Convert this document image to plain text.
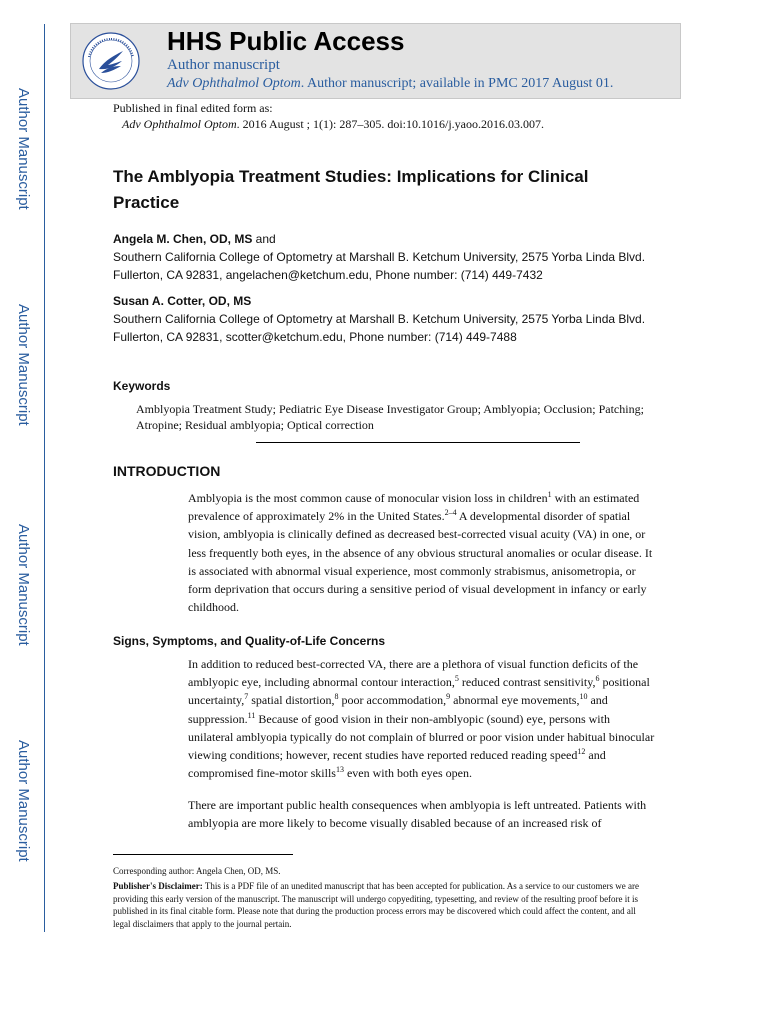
Author Manuscript
Author Manuscript
Author Manuscript
Author Manuscript
HHS Public Access
Author manuscript
Adv Ophthalmol Optom. Author manuscript; available in PMC 2017 August 01.
Published in final edited form as:
Adv Ophthalmol Optom. 2016 August ; 1(1): 287–305. doi:10.1016/j.yaoo.2016.03.007.
The Amblyopia Treatment Studies: Implications for Clinical Practice
Angela M. Chen, OD, MS and
Southern California College of Optometry at Marshall B. Ketchum University, 2575 Yorba Linda Blvd. Fullerton, CA 92831, angelachen@ketchum.edu, Phone number: (714) 449-7432
Susan A. Cotter, OD, MS
Southern California College of Optometry at Marshall B. Ketchum University, 2575 Yorba Linda Blvd. Fullerton, CA 92831, scotter@ketchum.edu, Phone number: (714) 449-7488
Keywords
Amblyopia Treatment Study; Pediatric Eye Disease Investigator Group; Amblyopia; Occlusion; Patching; Atropine; Residual amblyopia; Optical correction
INTRODUCTION
Amblyopia is the most common cause of monocular vision loss in children$^1$ with an estimated prevalence of approximately 2% in the United States.$^{2-4}$ A developmental disorder of spatial vision, amblyopia is clinically defined as decreased best-corrected visual acuity (VA) in one, or less frequently both eyes, in the absence of any obvious structural anomalies or ocular disease. It is associated with abnormal visual experience, most commonly strabismus, anisometropia, or form deprivation that occurs during a sensitive period of visual development in infancy or early childhood.
Signs, Symptoms, and Quality-of-Life Concerns
In addition to reduced best-corrected VA, there are a plethora of visual function deficits of the amblyopic eye, including abnormal contour interaction,$^5$ reduced contrast sensitivity,$^6$ positional uncertainty,$^7$ spatial distortion,$^8$ poor accommodation,$^9$ abnormal eye movements,$^{10}$ and suppression.$^{11}$ Because of good vision in their non-amblyopic (sound) eye, persons with unilateral amblyopia typically do not complain of blurred or poor vision under habitual binocular viewing conditions; however, recent studies have reported reduced reading speed$^{12}$ and compromised fine-motor skills$^{13}$ even with both eyes open.
There are important public health consequences when amblyopia is left untreated. Patients with amblyopia are more likely to become visually disabled because of an increased risk of
Corresponding author: Angela Chen, OD, MS.
Publisher's Disclaimer: This is a PDF file of an unedited manuscript that has been accepted for publication. As a service to our customers we are providing this early version of the manuscript. The manuscript will undergo copyediting, typesetting, and review of the resulting proof before it is published in its final citable form. Please note that during the production process errors may be discovered which could affect the content, and all legal disclaimers that apply to the journal pertain.
